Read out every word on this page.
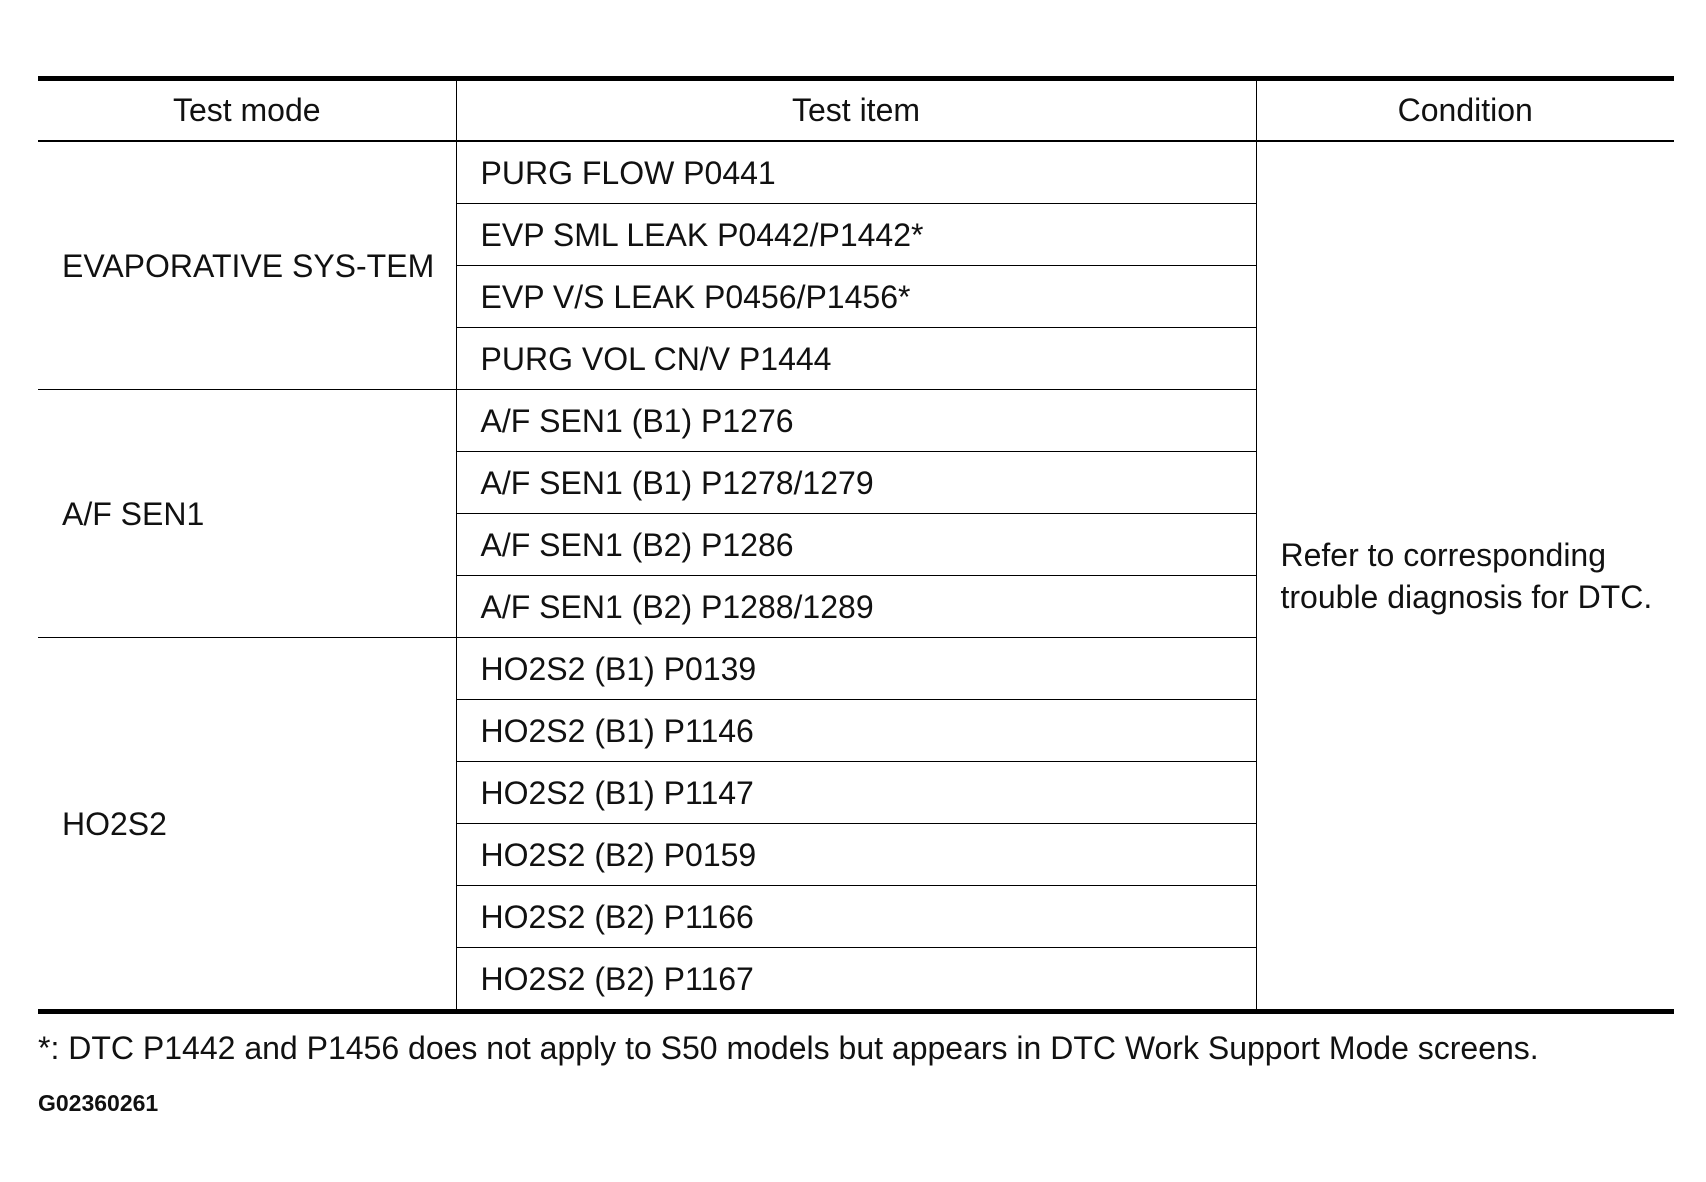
Test mode	Test item	Condition
EVAPORATIVE SYS-TEM	PURG FLOW P0441	Refer to corresponding trouble diagnosis for DTC.
	EVP SML LEAK P0442/P1442*	
	EVP V/S LEAK P0456/P1456*	
	PURG VOL CN/V P1444	
A/F SEN1	A/F SEN1 (B1) P1276	
	A/F SEN1 (B1) P1278/1279	
	A/F SEN1 (B2) P1286	
	A/F SEN1 (B2) P1288/1289	
HO2S2	HO2S2 (B1) P0139	
	HO2S2 (B1) P1146	
	HO2S2 (B1) P1147	
	HO2S2 (B2) P0159	
	HO2S2 (B2) P1166	
	HO2S2 (B2) P1167	
*: DTC P1442 and P1456 does not apply to S50 models but appears in DTC Work Support Mode screens.
G02360261
